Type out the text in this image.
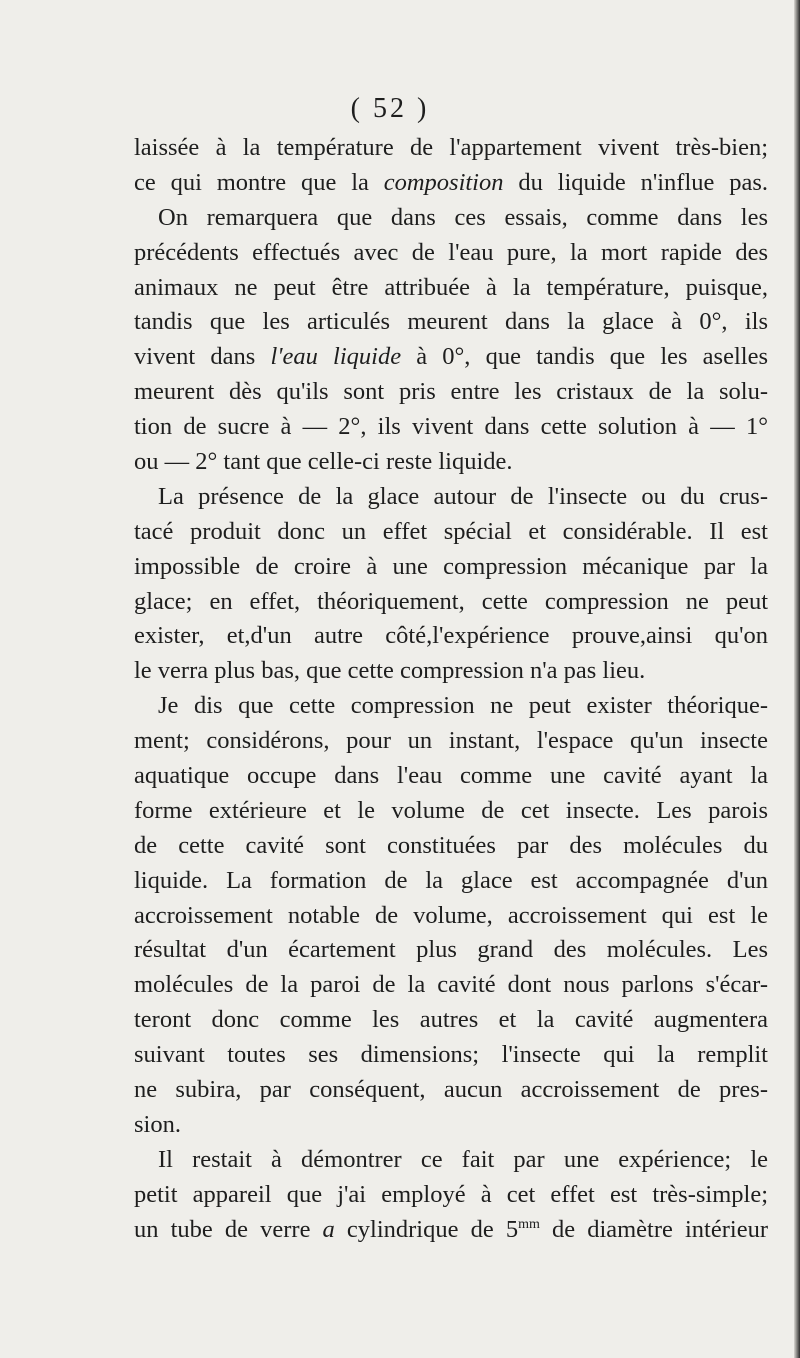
( 52 )
laissée à la température de l'appartement vivent très-bien;
ce qui montre que la composition du liquide n'influe pas.
On remarquera que dans ces essais, comme dans les
précédents effectués avec de l'eau pure, la mort rapide des
animaux ne peut être attribuée à la température, puisque,
tandis que les articulés meurent dans la glace à 0°, ils
vivent dans l'eau liquide à 0°, que tandis que les aselles
meurent dès qu'ils sont pris entre les cristaux de la solu-
tion de sucre à — 2°, ils vivent dans cette solution à — 1°
ou — 2° tant que celle-ci reste liquide.
La présence de la glace autour de l'insecte ou du crus-
tacé produit donc un effet spécial et considérable. Il est
impossible de croire à une compression mécanique par la
glace; en effet, théoriquement, cette compression ne peut
exister, et,d'un autre côté,l'expérience prouve,ainsi qu'on
le verra plus bas, que cette compression n'a pas lieu.
Je dis que cette compression ne peut exister théorique-
ment; considérons, pour un instant, l'espace qu'un insecte
aquatique occupe dans l'eau comme une cavité ayant la
forme extérieure et le volume de cet insecte. Les parois
de cette cavité sont constituées par des molécules du
liquide. La formation de la glace est accompagnée d'un
accroissement notable de volume, accroissement qui est le
résultat d'un écartement plus grand des molécules. Les
molécules de la paroi de la cavité dont nous parlons s'écar-
teront donc comme les autres et la cavité augmentera
suivant toutes ses dimensions; l'insecte qui la remplit
ne subira, par conséquent, aucun accroissement de pres-
sion.
Il restait à démontrer ce fait par une expérience; le
petit appareil que j'ai employé à cet effet est très-simple;
un tube de verre a cylindrique de $5^{mm}$ de diamètre intérieur
